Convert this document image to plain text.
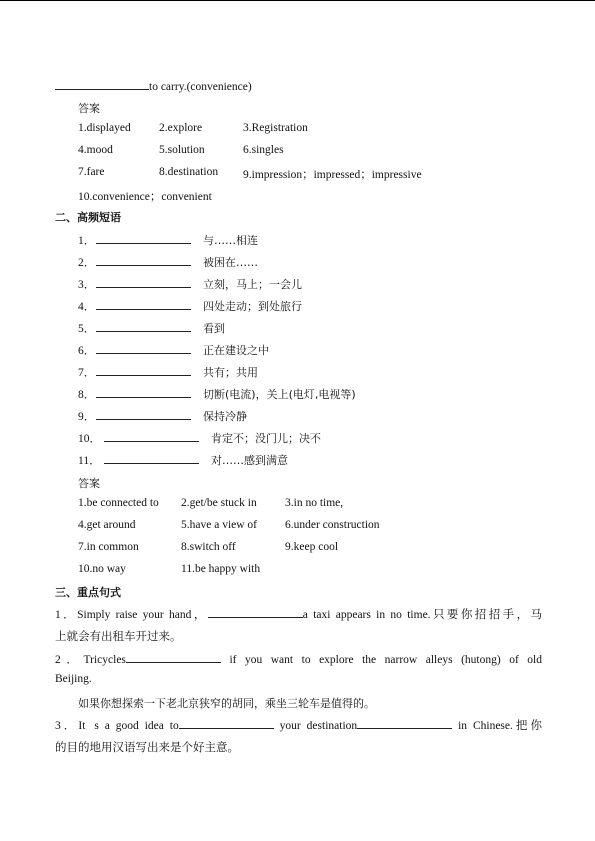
to carry.(convenience)
答案
1.displayed 2.explore	3.Registration
4.mood	5.solution	6.singles
7.fare	8.destination 9.impression；impressed；impressive
10.convenience；convenient
二、高频短语
1．	与……相连
2．	被困在……
3．	立刻，马上；一会儿
4．	四处走动；到处旅行
5．	看到
6．	正在建设之中
7．	共有；共用
8．	切断(电流)，关上(电灯,电视等)
9．	保持冷静
10．	肯定不；没门儿；决不
11．	对……感到满意
答案
1.be connected to 2.get/be stuck in 3.in no time,
4.get around	5.have a view of 6.under construction
7.in common	8.switch off	9.keep cool
10.no way	11.be happy with
三、重点句式
1．Simply raise your hand，	a taxi appears in no time.只要你招招手，马
上就会有出租车开过来。
2．Tricycles	if you want to explore the narrow alleys (hutong) of old
Beijing.
如果你想探索一下老北京狭窄的胡同，乘坐三轮车是值得的。
3．It s a good idea to	your destination	in Chinese.把你
的目的地用汉语写出来是个好主意。
